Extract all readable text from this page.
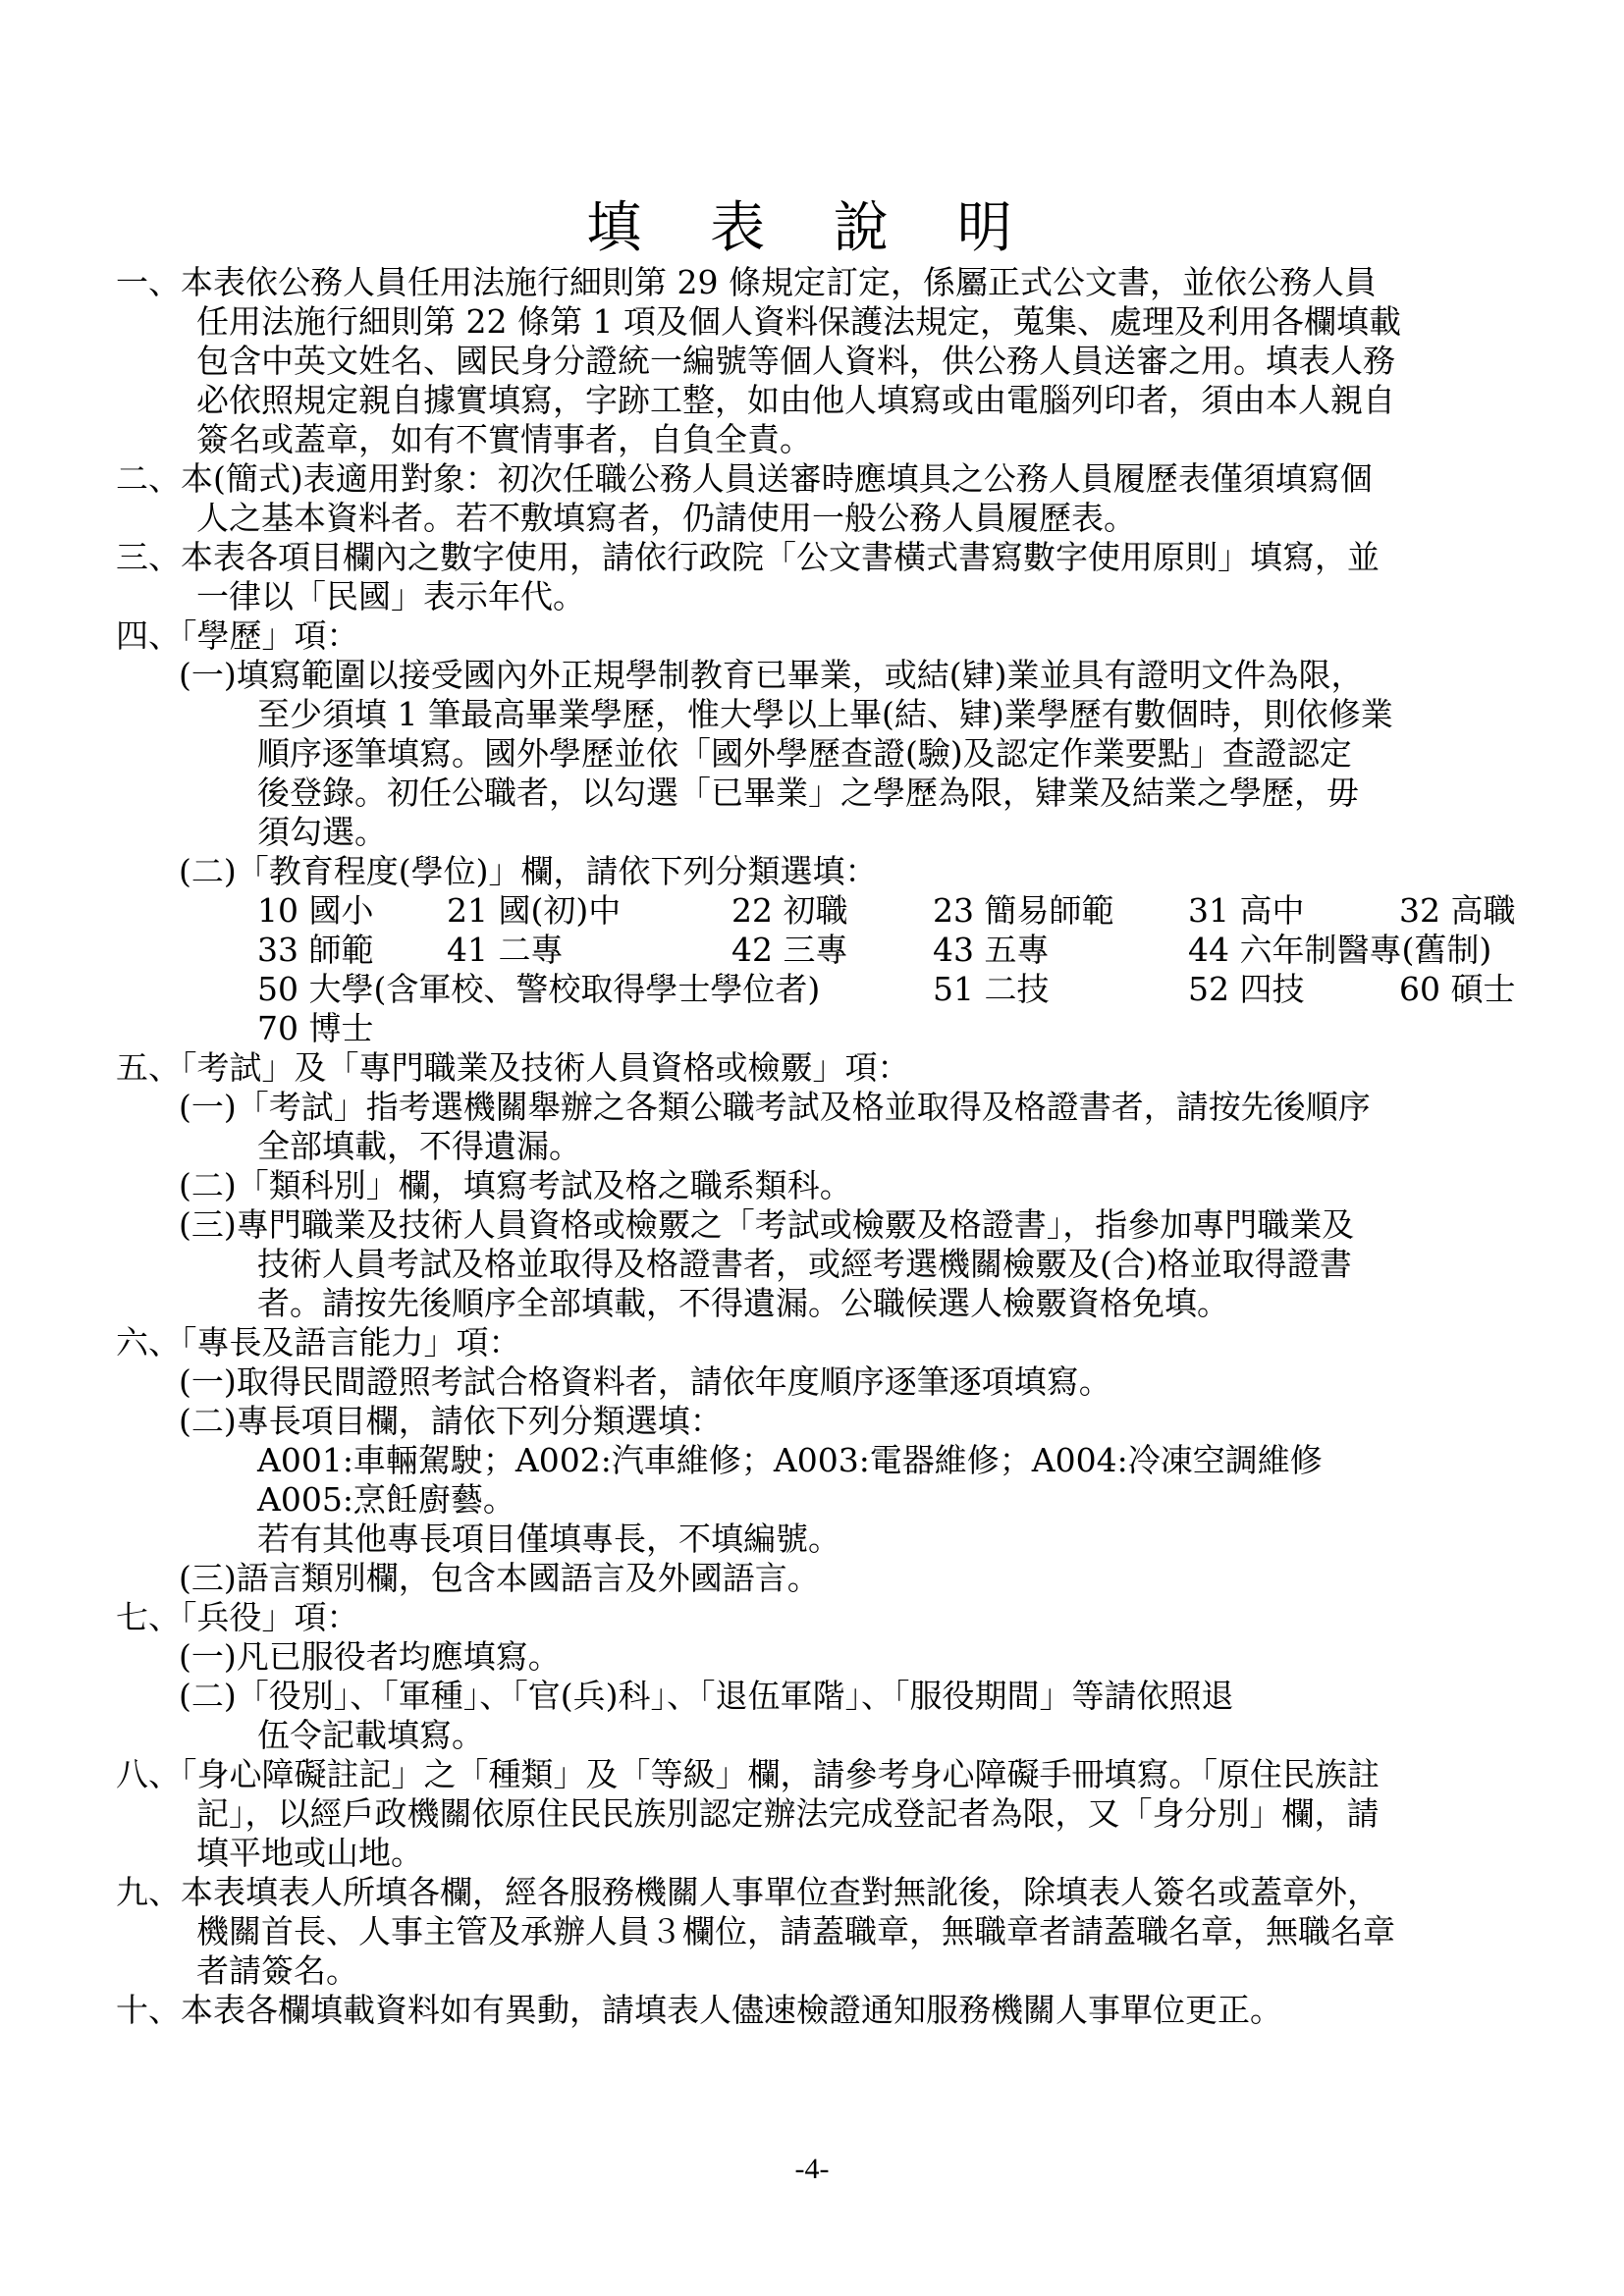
填 表 說 明
一、本表依公務人員任用法施行細則第 29 條規定訂定，係屬正式公文書，並依公務人員
任用法施行細則第 22 條第 1 項及個人資料保護法規定，蒐集、處理及利用各欄填載
包含中英文姓名、國民身分證統一編號等個人資料，供公務人員送審之用。填表人務
必依照規定親自據實填寫，字跡工整，如由他人填寫或由電腦列印者，須由本人親自
簽名或蓋章，如有不實情事者，自負全責。
二、本(簡式)表適用對象：初次任職公務人員送審時應填具之公務人員履歷表僅須填寫個
人之基本資料者。若不敷填寫者，仍請使用一般公務人員履歷表。
三、本表各項目欄內之數字使用，請依行政院「公文書橫式書寫數字使用原則」填寫，並
一律以「民國」表示年代。
四、「學歷」項：
(一)填寫範圍以接受國內外正規學制教育已畢業，或結(肄)業並具有證明文件為限，
至少須填 1 筆最高畢業學歷，惟大學以上畢(結、肄)業學歷有數個時，則依修業
順序逐筆填寫。國外學歷並依「國外學歷查證(驗)及認定作業要點」查證認定
後登錄。初任公職者，以勾選「已畢業」之學歷為限，肄業及結業之學歷，毋
須勾選。
(二)「教育程度(學位)」欄，請依下列分類選填：
10 國小 21 國(初)中	22 初職	23 簡易師範 31 高中	32 高職
33 師範 41 二專	42 三專	43 五專	44 六年制醫專(舊制)
50 大學(含軍校、警校取得學士學位者)	51 二技	52 四技	60 碩士
70 博士
五、「考試」及「專門職業及技術人員資格或檢覈」項：
(一)「考試」指考選機關舉辦之各類公職考試及格並取得及格證書者，請按先後順序
全部填載，不得遺漏。
(二)「類科別」欄，填寫考試及格之職系類科。
(三)專門職業及技術人員資格或檢覈之「考試或檢覈及格證書」，指參加專門職業及
技術人員考試及格並取得及格證書者，或經考選機關檢覈及(合)格並取得證書
者。請按先後順序全部填載，不得遺漏。公職候選人檢覈資格免填。
六、「專長及語言能力」項：
(一)取得民間證照考試合格資料者，請依年度順序逐筆逐項填寫。
(二)專長項目欄，請依下列分類選填：
A001:車輛駕駛；A002:汽車維修；A003:電器維修；A004:冷凍空調維修
A005:烹飪廚藝。
若有其他專長項目僅填專長，不填編號。
(三)語言類別欄，包含本國語言及外國語言。
七、「兵役」項：
(一)凡已服役者均應填寫。
(二)「役別」、「軍種」、「官(兵)科」、「退伍軍階」、「服役期間」等請依照退
伍令記載填寫。
八、「身心障礙註記」之「種類」及「等級」欄，請參考身心障礙手冊填寫。「原住民族註
記」，以經戶政機關依原住民民族別認定辦法完成登記者為限，又「身分別」欄，請
填平地或山地。
九、本表填表人所填各欄，經各服務機關人事單位查對無訛後，除填表人簽名或蓋章外，
機關首長、人事主管及承辦人員３欄位，請蓋職章，無職章者請蓋職名章，無職名章
者請簽名。
十、本表各欄填載資料如有異動，請填表人儘速檢證通知服務機關人事單位更正。
-4-
